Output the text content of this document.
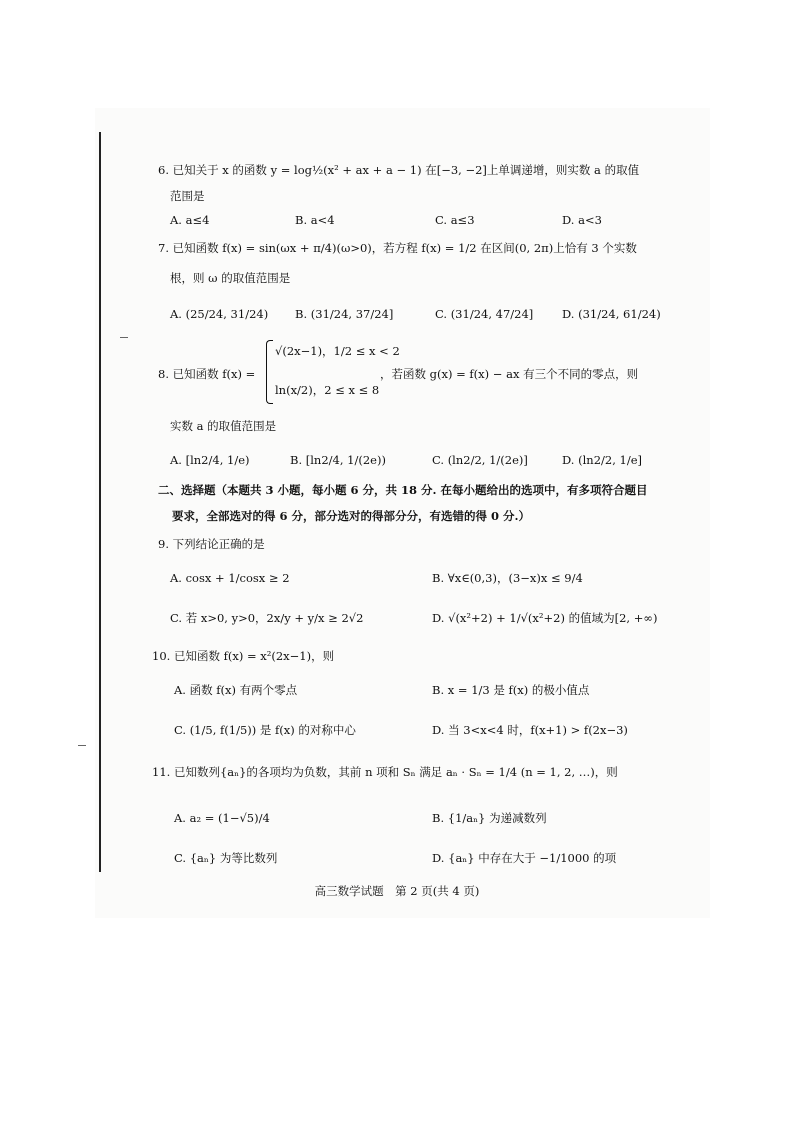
6. 已知关于 x 的函数 y = log½(x² + ax + a − 1) 在[−3, −2]上单调递增，则实数 a 的取值
范围是
A. a≤4	B. a<4	C. a≤3	D. a<3
7. 已知函数 f(x) = sin(ωx + π/4)(ω>0)，若方程 f(x) = 1/2 在区间(0, 2π)上恰有 3 个实数
根，则 ω 的取值范围是
A. (25/24, 31/24) B. (31/24, 37/24]	C. (31/24, 47/24] D. (31/24, 61/24)
8. 已知函数 f(x) =
√(2x−1)，1/2 ≤ x < 2
ln(x/2)，2 ≤ x ≤ 8
，若函数 g(x) = f(x) − ax 有三个不同的零点，则
实数 a 的取值范围是
A. [ln2/4, 1/e)	B. [ln2/4, 1/(2e))	C. (ln2/2, 1/(2e)]	D. (ln2/2, 1/e]
二、选择题（本题共 3 小题，每小题 6 分，共 18 分. 在每小题给出的选项中，有多项符合题目
要求，全部选对的得 6 分，部分选对的得部分分，有选错的得 0 分.）
9. 下列结论正确的是
A. cosx + 1/cosx ≥ 2	B. ∀x∈(0,3)，(3−x)x ≤ 9/4
C. 若 x>0, y>0，2x/y + y/x ≥ 2√2	D. √(x²+2) + 1/√(x²+2) 的值域为[2, +∞)
10. 已知函数 f(x) = x²(2x−1)，则
A. 函数 f(x) 有两个零点	B. x = 1/3 是 f(x) 的极小值点
C. (1/5, f(1/5)) 是 f(x) 的对称中心	D. 当 3<x<4 时，f(x+1) > f(2x−3)
11. 已知数列{aₙ}的各项均为负数，其前 n 项和 Sₙ 满足 aₙ · Sₙ = 1/4 (n = 1, 2, …)，则
A. a₂ = (1−√5)/4	B. {1/aₙ} 为递减数列
C. {aₙ} 为等比数列	D. {aₙ} 中存在大于 −1/1000 的项
高三数学试题　第 2 页(共 4 页)
